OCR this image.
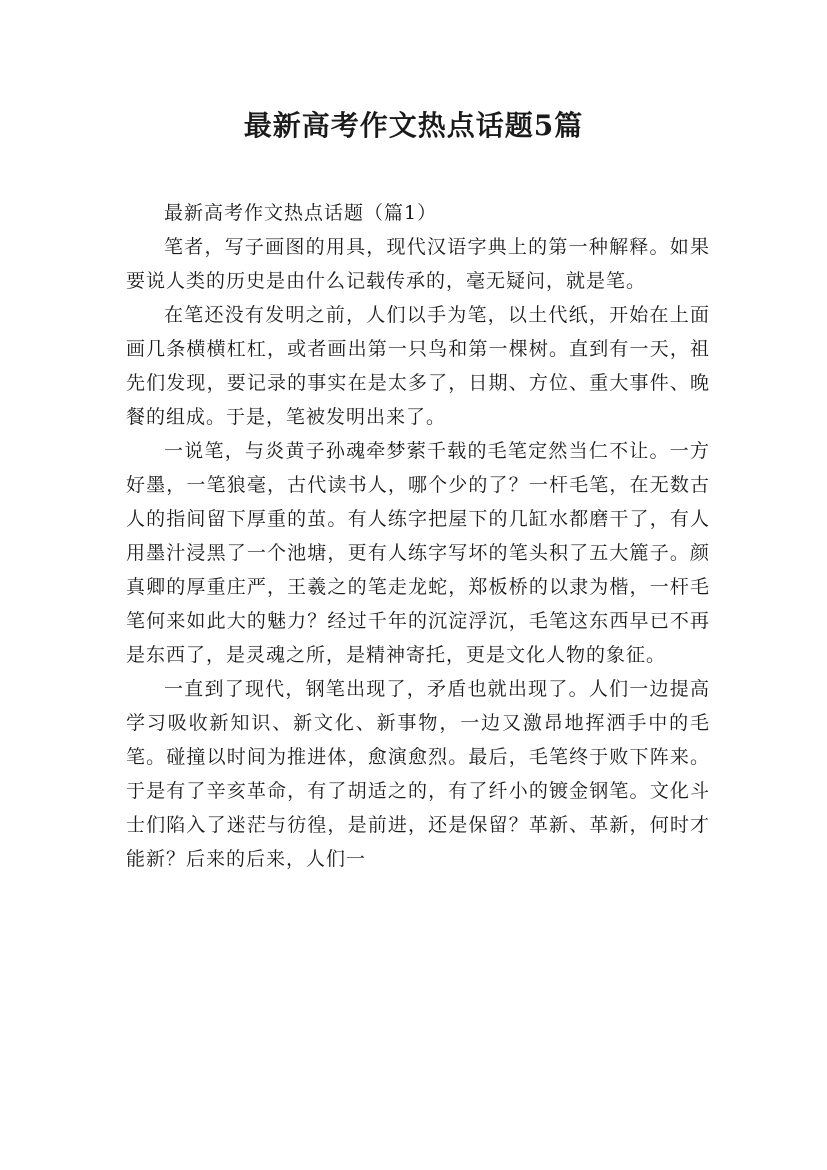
最新高考作文热点话题5篇

最新高考作文热点话题（篇1）

笔者，写子画图的用具，现代汉语字典上的第一种解释。如果要说人类的历史是由什么记载传承的，毫无疑问，就是笔。

在笔还没有发明之前，人们以手为笔，以土代纸，开始在上面画几条横横杠杠，或者画出第一只鸟和第一棵树。直到有一天，祖先们发现，要记录的事实在是太多了，日期、方位、重大事件、晚餐的组成。于是，笔被发明出来了。

一说笔，与炎黄子孙魂牵梦萦千载的毛笔定然当仁不让。一方好墨，一笔狼毫，古代读书人，哪个少的了？一杆毛笔，在无数古人的指间留下厚重的茧。有人练字把屋下的几缸水都磨干了，有人用墨汁浸黑了一个池塘，更有人练字写坏的笔头积了五大簏子。颜真卿的厚重庄严，王羲之的笔走龙蛇，郑板桥的以隶为楷，一杆毛笔何来如此大的魅力？经过千年的沉淀浮沉，毛笔这东西早已不再是东西了，是灵魂之所，是精神寄托，更是文化人物的象征。

一直到了现代，钢笔出现了，矛盾也就出现了。人们一边提高学习吸收新知识、新文化、新事物，一边又激昂地挥洒手中的毛笔。碰撞以时间为推进体，愈演愈烈。最后，毛笔终于败下阵来。于是有了辛亥革命，有了胡适之的，有了纤小的镀金钢笔。文化斗士们陷入了迷茫与彷徨，是前进，还是保留？革新、革新，何时才能新？后来的后来，人们一
